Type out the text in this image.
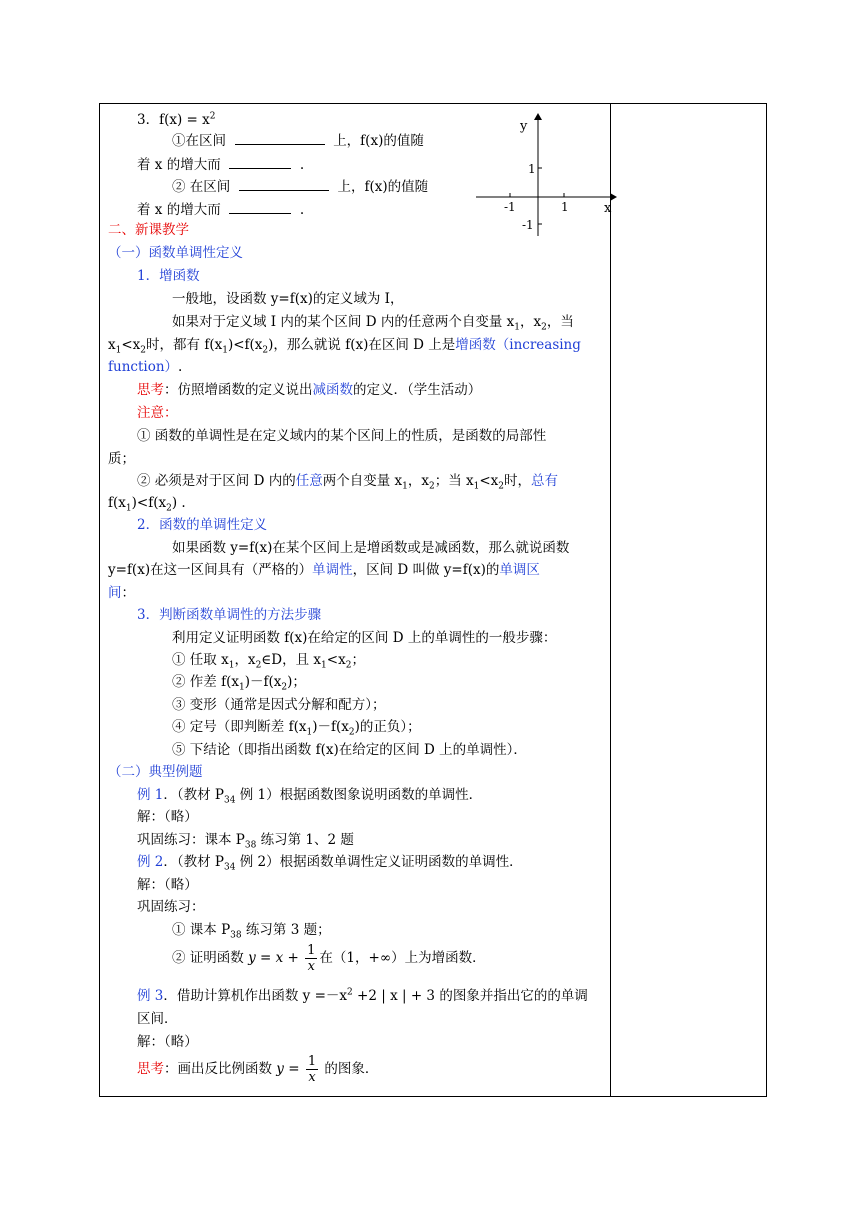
3．$f(x) = x^2$
①在区间	上，f(x)的值随
着 x 的增大而	.
② 在区间	上，f(x)的值随
着 x 的增大而	.
y
x
1
-1
-1	1
二、新课教学
（一）函数单调性定义
1．增函数
一般地，设函数 y=f(x)的定义域为 I，
如果对于定义域 I 内的某个区间 D 内的任意两个自变量 $x_1$，$x_2$，当
$x_1<x_2$时，都有 $f(x_1)<f(x_2)$，那么就说 f(x)在区间 D 上是增函数（increasing
function）.
思考：仿照增函数的定义说出减函数的定义．（学生活动）
注意：
① 函数的单调性是在定义域内的某个区间上的性质，是函数的局部性
质；
② 必须是对于区间 D 内的任意两个自变量 $x_1$，$x_2$；当 $x_1<x_2$时，总有
$f(x_1)<f(x_2)$ .
2．函数的单调性定义
如果函数 y=f(x)在某个区间上是增函数或是减函数，那么就说函数
y=f(x)在这一区间具有（严格的）单调性，区间 D 叫做 y=f(x)的单调区
间：
3．判断函数单调性的方法步骤
利用定义证明函数 f(x)在给定的区间 D 上的单调性的一般步骤：
① 任取 $x_1$，$x_2\in D$，且 $x_1<x_2$；
② 作差 $f(x_1)-f(x_2)$；
③ 变形（通常是因式分解和配方）；
④ 定号（即判断差 $f(x_1)-f(x_2)$的正负）；
⑤ 下结论（即指出函数 f(x)在给定的区间 D 上的单调性）．
（二）典型例题
例 1．（教材 $P_{34}$ 例 1）根据函数图象说明函数的单调性．
解：（略）
巩固练习：课本 $P_{38}$ 练习第 1、2 题
例 2．（教材 $P_{34}$ 例 2）根据函数单调性定义证明函数的单调性．
解：（略）
巩固练习：
① 课本 $P_{38}$ 练习第 3 题；
② 证明函数 $y = x + \frac{1}{x}$ 在（1，+∞）上为增函数．
例 3．借助计算机作出函数 $y =-x^2 +2$ | x | + 3 的图象并指出它的的单调
区间．
解：（略）
思考：画出反比例函数 $y = \frac{1}{x}$ 的图象．
